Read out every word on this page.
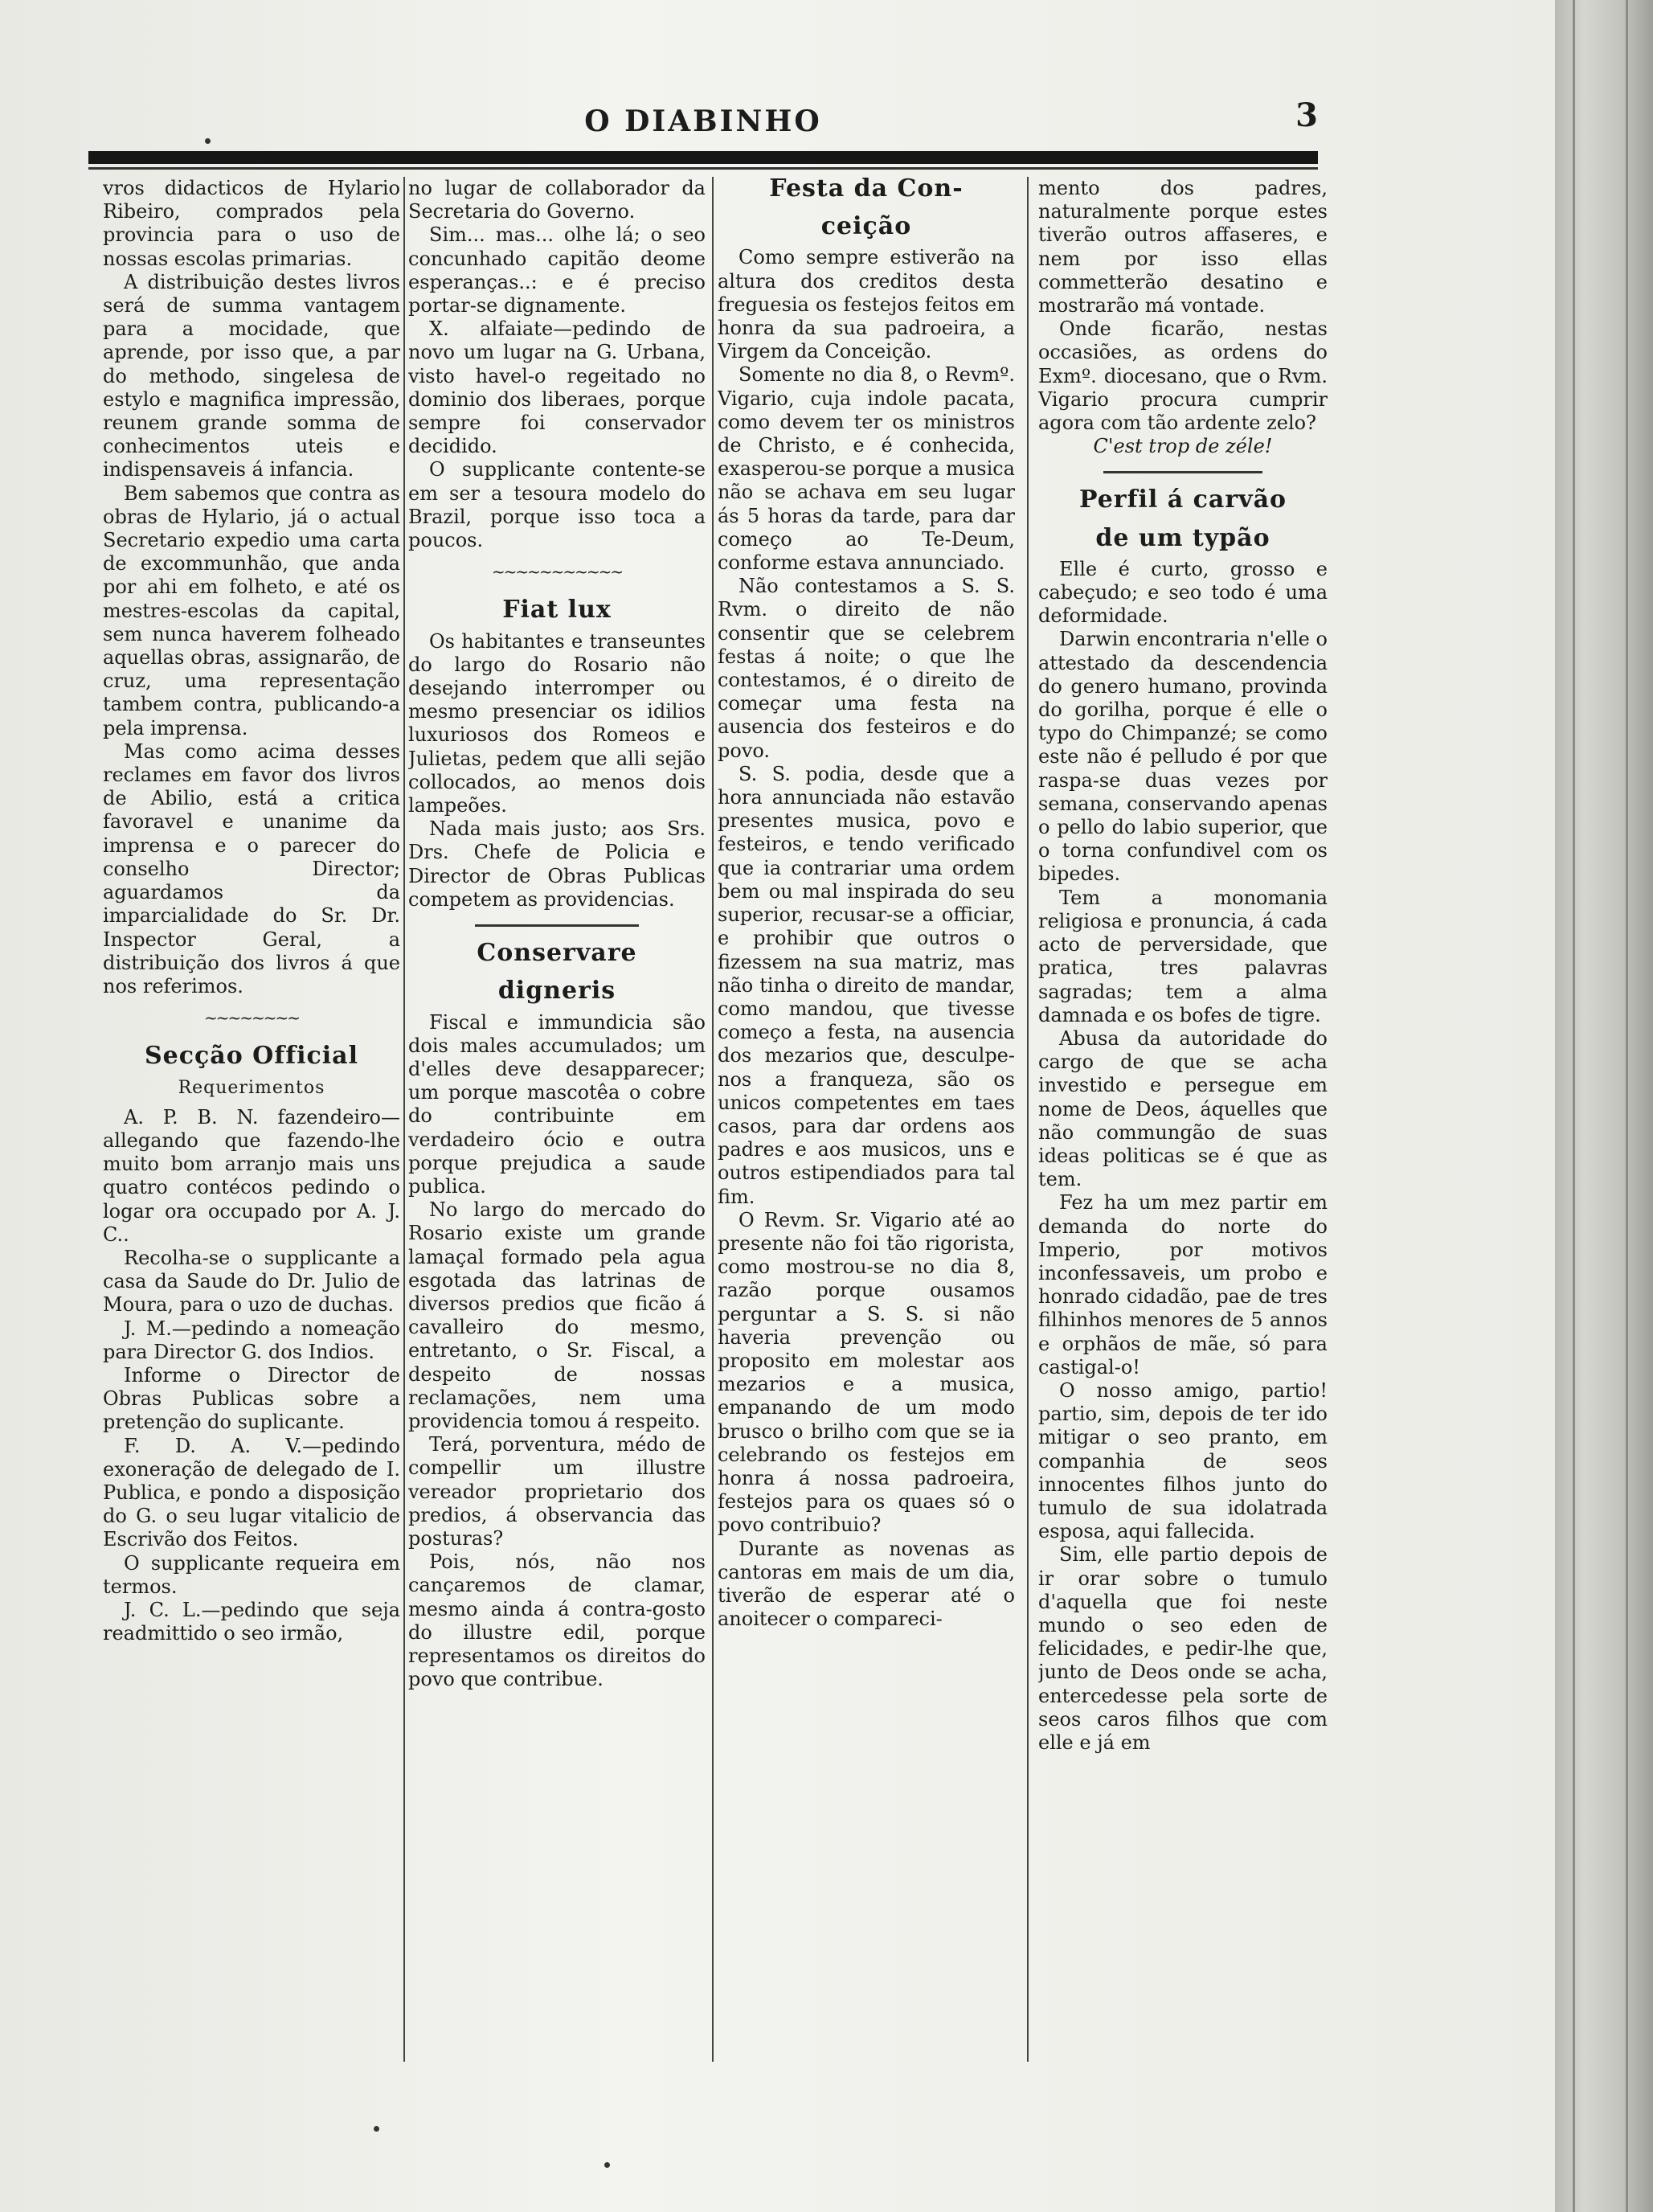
O DIABINHO	3

vros didacticos de Hylario Ribeiro, comprados pela provincia para o uso de nossas escolas primarias.

A distribuição destes livros será de summa vantagem para a mocidade, que aprende, por isso que, a par do methodo, singelesa de estylo e magnifica impressão, reunem grande somma de conhecimentos uteis e indispensaveis á infancia.

Bem sabemos que contra as obras de Hylario, já o actual Secretario expedio uma carta de excommunhão, que anda por ahi em folheto, e até os mestres-escolas da capital, sem nunca haverem folheado aquellas obras, assignarão, de cruz, uma representação tambem contra, publicando-a pela imprensa.

Mas como acima desses reclames em favor dos livros de Abilio, está a critica favoravel e unanime da imprensa e o parecer do conselho Director; aguardamos da imparcialidade do Sr. Dr. Inspector Geral, a distribuição dos livros á que nos referimos.

~~~~~~~~
Secção Official
Requerimentos

A. P. B. N. fazendeiro—allegando que fazendo-lhe muito bom arranjo mais uns quatro contécos pedindo o logar ora occupado por A. J. C..

Recolha-se o supplicante a casa da Saude do Dr. Julio de Moura, para o uzo de duchas.

J. M.—pedindo a nomeação para Director G. dos Indios.

Informe o Director de Obras Publicas sobre a pretenção do suplicante.

F. D. A. V.—pedindo exoneração de delegado de I. Publica, e pondo a disposição do G. o seu lugar vitalicio de Escrivão dos Feitos.

O supplicante requeira em termos.

J. C. L.—pedindo que seja readmittido o seo irmão,

no lugar de collaborador da Secretaria do Governo.

Sim... mas... olhe lá; o seo concunhado capitão deome esperanças..: e é preciso portar-se dignamente.

X. alfaiate—pedindo de novo um lugar na G. Urbana, visto havel-o regeitado no dominio dos liberaes, porque sempre foi conservador decidido.

O supplicante contente-se em ser a tesoura modelo do Brazil, porque isso toca a poucos.

~~~~~~~~~~~
Fiat lux

Os habitantes e transeuntes do largo do Rosario não desejando interromper ou mesmo presenciar os idilios luxuriosos dos Romeos e Julietas, pedem que alli sejão collocados, ao menos dois lampeões.

Nada mais justo; aos Srs. Drs. Chefe de Policia e Director de Obras Publicas competem as providencias.

Conservare
digneris

Fiscal e immundicia são dois males accumulados; um d'elles deve desapparecer; um porque mascotêa o cobre do contribuinte em verdadeiro ócio e outra porque prejudica a saude publica.

No largo do mercado do Rosario existe um grande lamaçal formado pela agua esgotada das latrinas de diversos predios que ficão á cavalleiro do mesmo, entretanto, o Sr. Fiscal, a despeito de nossas reclamações, nem uma providencia tomou á respeito.

Terá, porventura, médo de compellir um illustre vereador proprietario dos predios, á observancia das posturas?

Pois, nós, não nos cançaremos de clamar, mesmo ainda á contra-gosto do illustre edil, porque representamos os direitos do povo que contribue.

Festa da Con-
ceição

Como sempre estiverão na altura dos creditos desta freguesia os festejos feitos em honra da sua padroeira, a Virgem da Conceição.

Somente no dia 8, o Revmº. Vigario, cuja indole pacata, como devem ter os ministros de Christo, e é conhecida, exasperou-se porque a musica não se achava em seu lugar ás 5 horas da tarde, para dar começo ao Te-Deum, conforme estava annunciado.

Não contestamos a S. S. Rvm. o direito de não consentir que se celebrem festas á noite; o que lhe contestamos, é o direito de começar uma festa na ausencia dos festeiros e do povo.

S. S. podia, desde que a hora annunciada não estavão presentes musica, povo e festeiros, e tendo verificado que ia contrariar uma ordem bem ou mal inspirada do seu superior, recusar-se a officiar, e prohibir que outros o fizessem na sua matriz, mas não tinha o direito de mandar, como mandou, que tivesse começo a festa, na ausencia dos mezarios que, desculpe-nos a franqueza, são os unicos competentes em taes casos, para dar ordens aos padres e aos musicos, uns e outros estipendiados para tal fim.

O Revm. Sr. Vigario até ao presente não foi tão rigorista, como mostrou-se no dia 8, razão porque ousamos perguntar a S. S. si não haveria prevenção ou proposito em molestar aos mezarios e a musica, empanando de um modo brusco o brilho com que se ia celebrando os festejos em honra á nossa padroeira, festejos para os quaes só o povo contribuio?

Durante as novenas as cantoras em mais de um dia, tiverão de esperar até o anoitecer o compareci-

mento dos padres, naturalmente porque estes tiverão outros affaseres, e nem por isso ellas commetterão desatino e mostrarão má vontade.

Onde ficarão, nestas occasiões, as ordens do Exmº. diocesano, que o Rvm. Vigario procura cumprir agora com tão ardente zelo?

C'est trop de zéle!

Perfil á carvão
de um typão

Elle é curto, grosso e cabeçudo; e seo todo é uma deformidade.

Darwin encontraria n'elle o attestado da descendencia do genero humano, provinda do gorilha, porque é elle o typo do Chimpanzé; se como este não é pelludo é por que raspa-se duas vezes por semana, conservando apenas o pello do labio superior, que o torna confundivel com os bipedes.

Tem a monomania religiosa e pronuncia, á cada acto de perversidade, que pratica, tres palavras sagradas; tem a alma damnada e os bofes de tigre.

Abusa da autoridade do cargo de que se acha investido e persegue em nome de Deos, áquelles que não commungão de suas ideas politicas se é que as tem.

Fez ha um mez partir em demanda do norte do Imperio, por motivos inconfessaveis, um probo e honrado cidadão, pae de tres filhinhos menores de 5 annos e orphãos de mãe, só para castigal-o!

O nosso amigo, partio! partio, sim, depois de ter ido mitigar o seo pranto, em companhia de seos innocentes filhos junto do tumulo de sua idolatrada esposa, aqui fallecida.

Sim, elle partio depois de ir orar sobre o tumulo d'aquella que foi neste mundo o seo eden de felicidades, e pedir-lhe que, junto de Deos onde se acha, entercedesse pela sorte de seos caros filhos que com elle e já em
